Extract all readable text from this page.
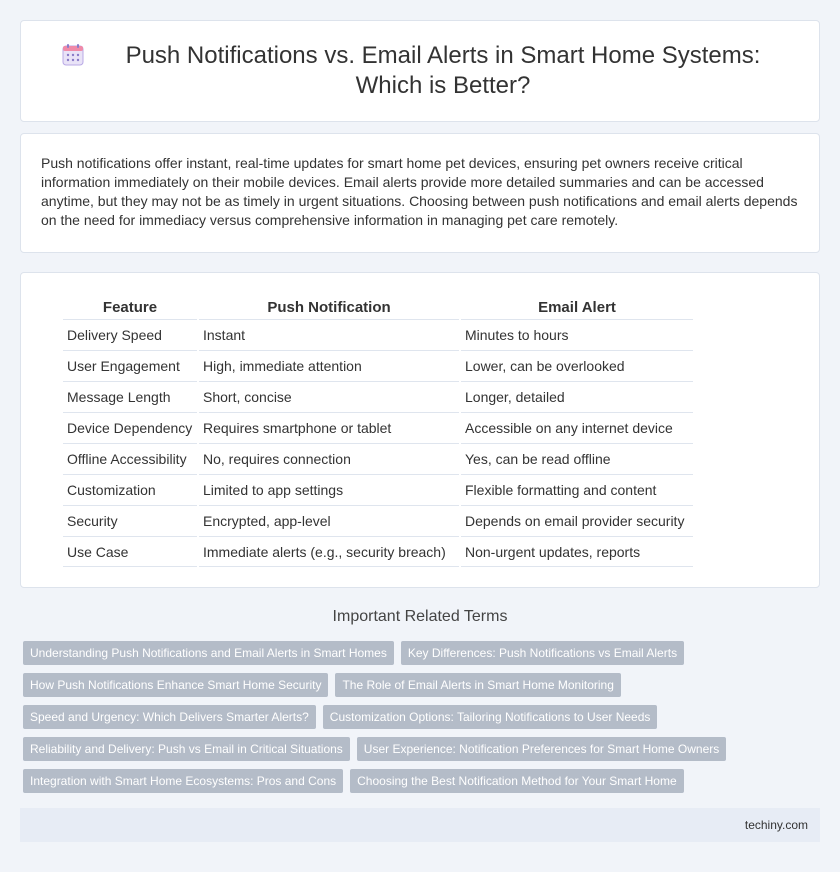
Push Notifications vs. Email Alerts in Smart Home Systems: Which is Better?

Push notifications offer instant, real-time updates for smart home pet devices, ensuring pet owners receive critical information immediately on their mobile devices. Email alerts provide more detailed summaries and can be accessed anytime, but they may not be as timely in urgent situations. Choosing between push notifications and email alerts depends on the need for immediacy versus comprehensive information in managing pet care remotely.

Feature	Push Notification	Email Alert
Delivery Speed	Instant	Minutes to hours
User Engagement	High, immediate attention	Lower, can be overlooked
Message Length	Short, concise	Longer, detailed
Device Dependency	Requires smartphone or tablet	Accessible on any internet device
Offline Accessibility	No, requires connection	Yes, can be read offline
Customization	Limited to app settings	Flexible formatting and content
Security	Encrypted, app-level	Depends on email provider security
Use Case	Immediate alerts (e.g., security breach)	Non-urgent updates, reports
Important Related Terms
Understanding Push Notifications and Email Alerts in Smart Homes	Key Differences: Push Notifications vs Email Alerts
How Push Notifications Enhance Smart Home Security	The Role of Email Alerts in Smart Home Monitoring
Speed and Urgency: Which Delivers Smarter Alerts?	Customization Options: Tailoring Notifications to User Needs
Reliability and Delivery: Push vs Email in Critical Situations	User Experience: Notification Preferences for Smart Home Owners
Integration with Smart Home Ecosystems: Pros and Cons	Choosing the Best Notification Method for Your Smart Home
techiny.com
